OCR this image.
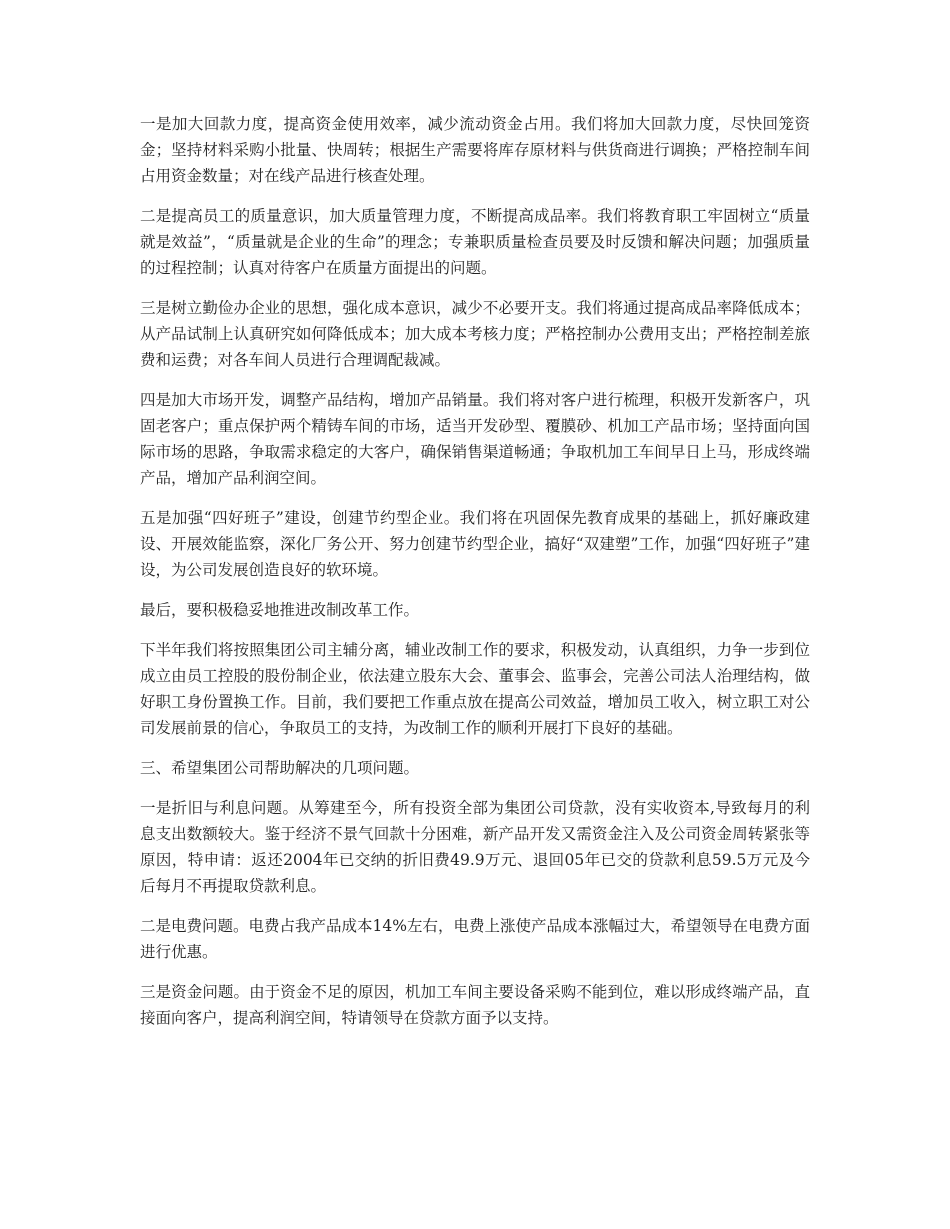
一是加大回款力度，提高资金使用效率，减少流动资金占用。我们将加大回款力度，尽快回笼资金；坚持材料采购小批量、快周转；根据生产需要将库存原材料与供货商进行调换；严格控制车间占用资金数量；对在线产品进行核查处理。

二是提高员工的质量意识，加大质量管理力度，不断提高成品率。我们将教育职工牢固树立“质量就是效益”，“质量就是企业的生命”的理念；专兼职质量检查员要及时反馈和解决问题；加强质量的过程控制；认真对待客户在质量方面提出的问题。

三是树立勤俭办企业的思想，强化成本意识，减少不必要开支。我们将通过提高成品率降低成本；从产品试制上认真研究如何降低成本；加大成本考核力度；严格控制办公费用支出；严格控制差旅费和运费；对各车间人员进行合理调配裁减。

四是加大市场开发，调整产品结构，增加产品销量。我们将对客户进行梳理，积极开发新客户，巩固老客户；重点保护两个精铸车间的市场，适当开发砂型、覆膜砂、机加工产品市场；坚持面向国际市场的思路，争取需求稳定的大客户，确保销售渠道畅通；争取机加工车间早日上马，形成终端产品，增加产品利润空间。

五是加强“四好班子”建设，创建节约型企业。我们将在巩固保先教育成果的基础上，抓好廉政建设、开展效能监察，深化厂务公开、努力创建节约型企业，搞好“双建塑”工作，加强“四好班子”建设，为公司发展创造良好的软环境。

最后，要积极稳妥地推进改制改革工作。

下半年我们将按照集团公司主辅分离，辅业改制工作的要求，积极发动，认真组织，力争一步到位成立由员工控股的股份制企业，依法建立股东大会、董事会、监事会，完善公司法人治理结构，做好职工身份置换工作。目前，我们要把工作重点放在提高公司效益，增加员工收入，树立职工对公司发展前景的信心，争取员工的支持，为改制工作的顺利开展打下良好的基础。

三、希望集团公司帮助解决的几项问题。

一是折旧与利息问题。从筹建至今，所有投资全部为集团公司贷款，没有实收资本,导致每月的利息支出数额较大。鉴于经济不景气回款十分困难，新产品开发又需资金注入及公司资金周转紧张等原因，特申请：返还2004年已交纳的折旧费49.9万元、退回05年已交的贷款利息59.5万元及今后每月不再提取贷款利息。

二是电费问题。电费占我产品成本14%左右，电费上涨使产品成本涨幅过大，希望领导在电费方面进行优惠。

三是资金问题。由于资金不足的原因，机加工车间主要设备采购不能到位，难以形成终端产品，直接面向客户，提高利润空间，特请领导在贷款方面予以支持。
